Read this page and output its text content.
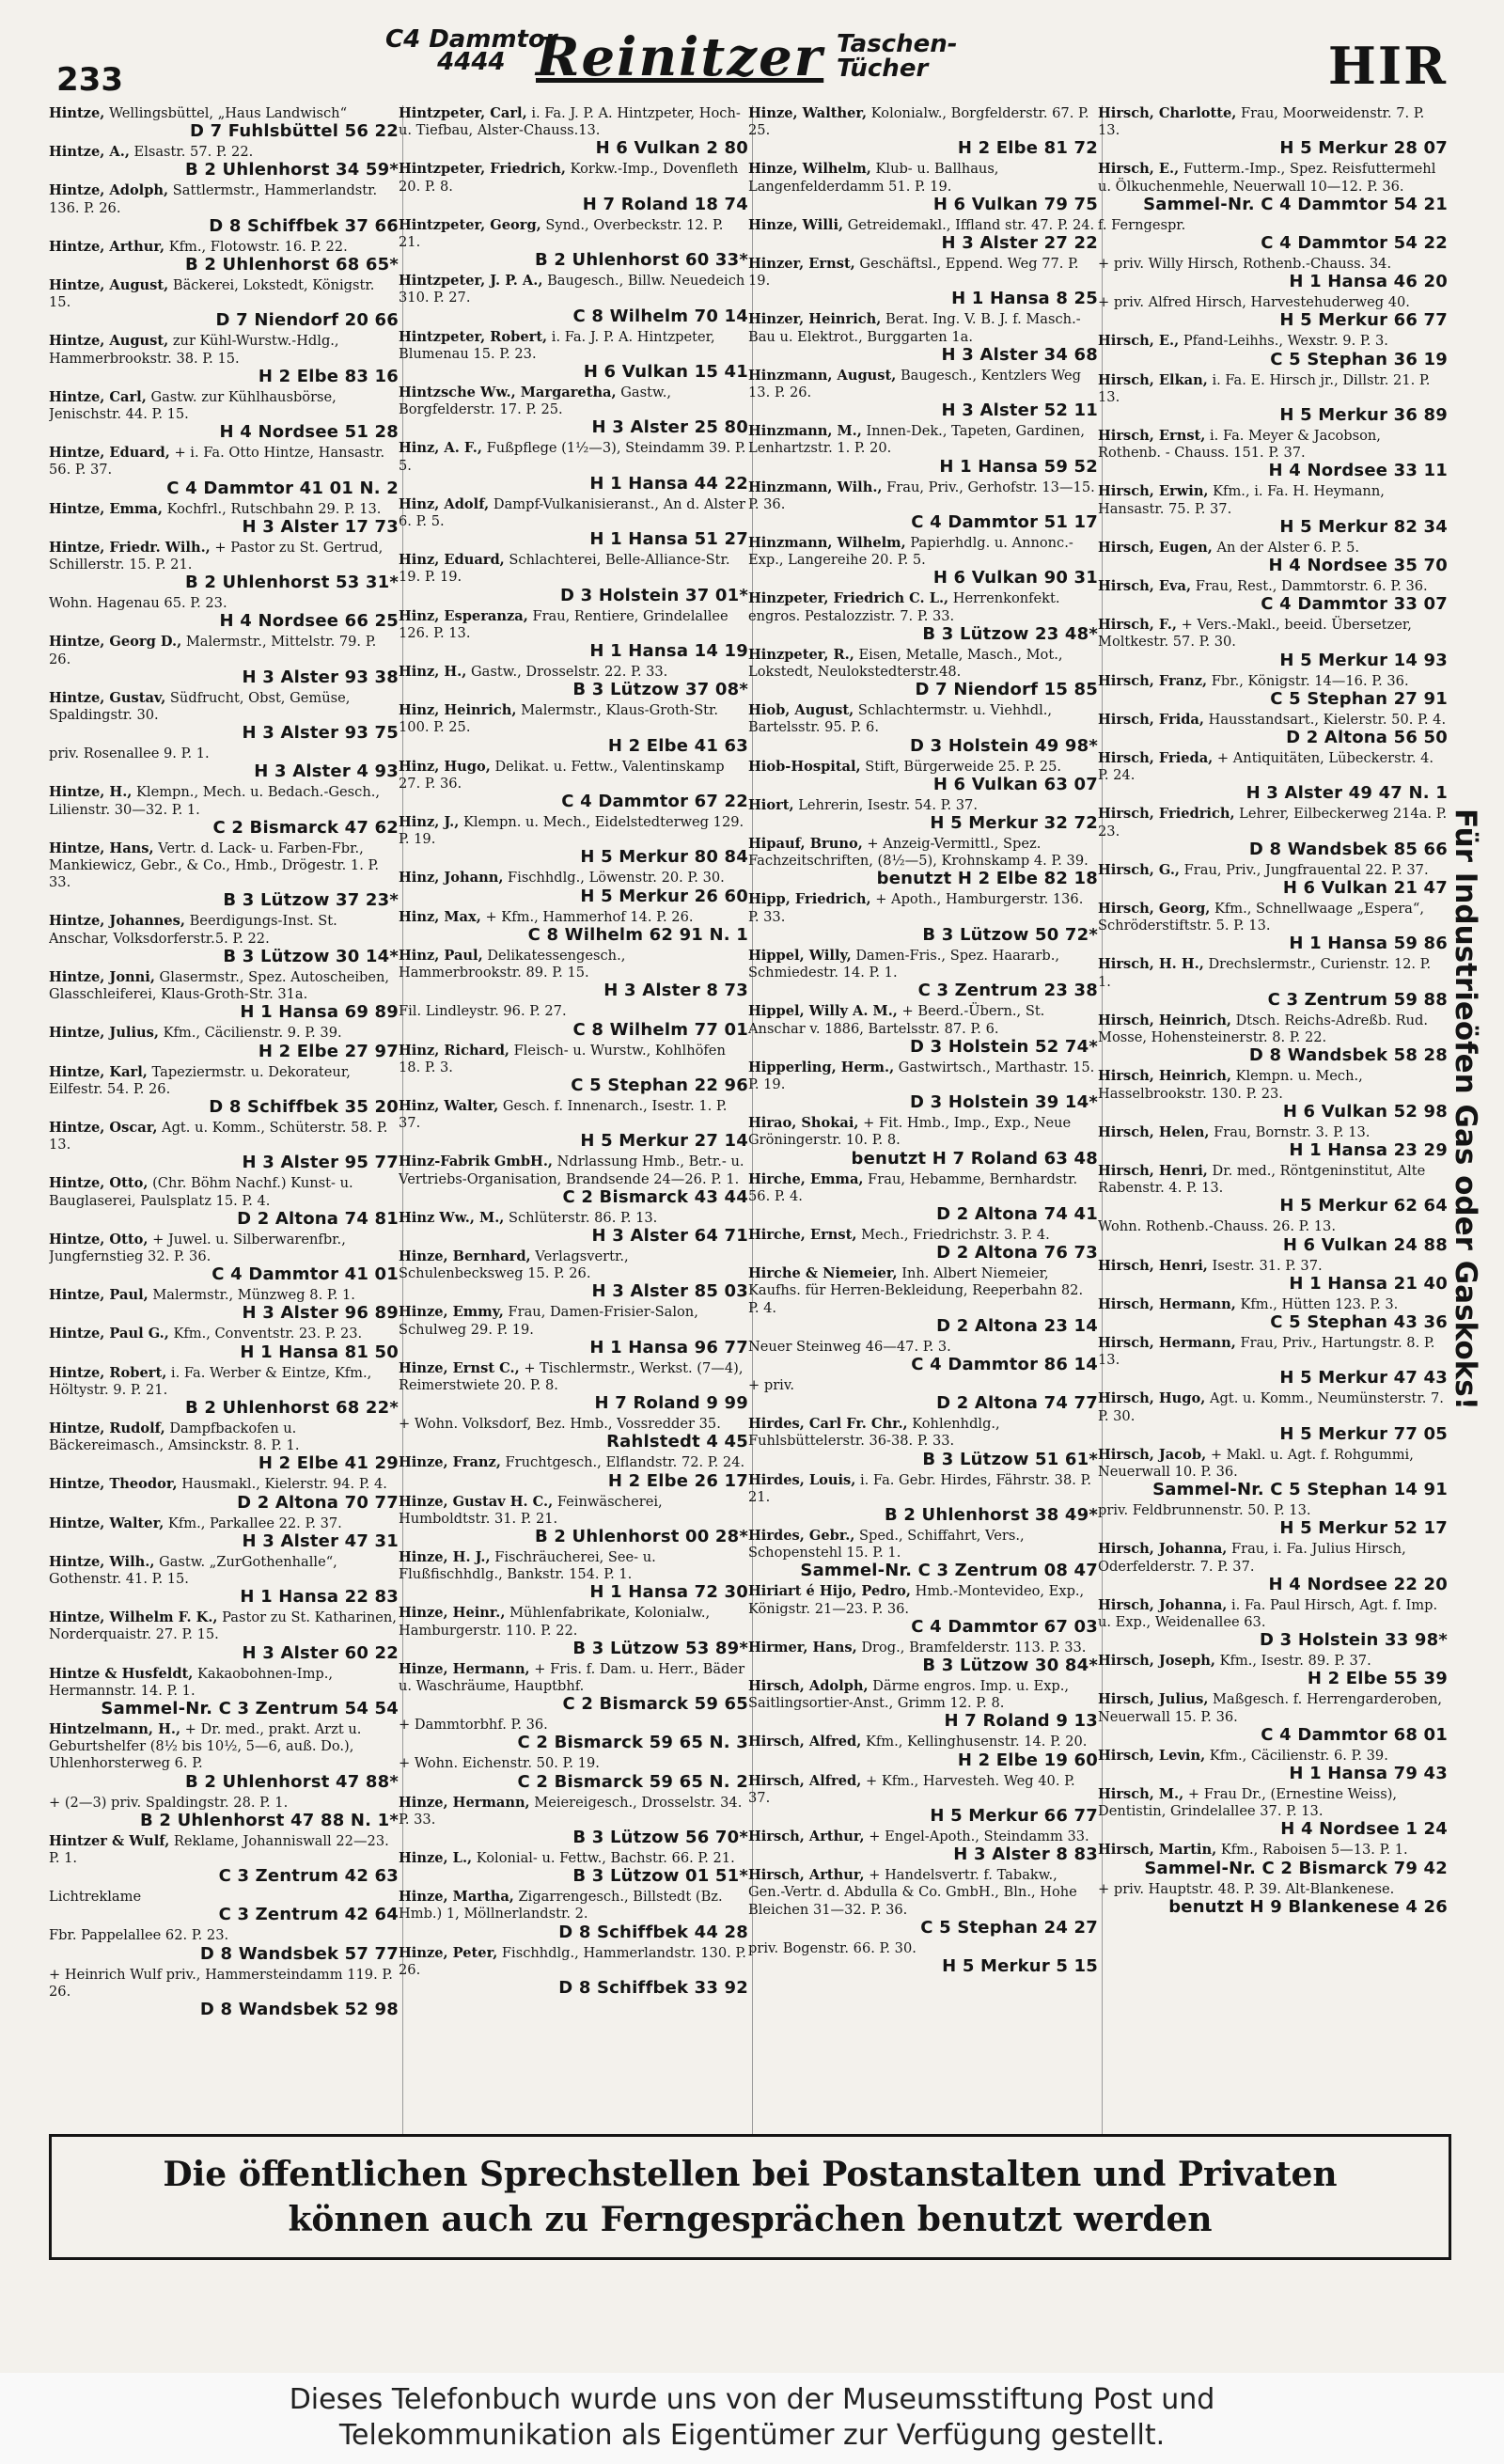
233
C4 Dammtor
4444 Reinitzer Taschen-
Tücher	HIR
Hintze, Wellingsbüttel, „Haus Landwisch“
D 7 Fuhlsbüttel 56 22
Hintze, A., Elsastr. 57. P. 22.
B 2 Uhlenhorst 34 59*
Hintze, Adolph, Sattlermstr., Hammerlandstr. 136. P. 26.
D 8 Schiffbek 37 66
Hintze, Arthur, Kfm., Flotowstr. 16. P. 22.
B 2 Uhlenhorst 68 65*
Hintze, August, Bäckerei, Lokstedt, Königstr. 15.
D 7 Niendorf 20 66
Hintze, August, zur Kühl-Wurstw.-Hdlg., Hammerbrookstr. 38. P. 15.
H 2 Elbe 83 16
Hintze, Carl, Gastw. zur Kühlhausbörse, Jenischstr. 44. P. 15.
H 4 Nordsee 51 28
Hintze, Eduard, + i. Fa. Otto Hintze, Hansastr. 56. P. 37.
C 4 Dammtor 41 01 N. 2
Hintze, Emma, Kochfrl., Rutschbahn 29. P. 13.
H 3 Alster 17 73
Hintze, Friedr. Wilh., + Pastor zu St. Gertrud, Schillerstr. 15. P. 21.
B 2 Uhlenhorst 53 31*
Wohn. Hagenau 65. P. 23.
H 4 Nordsee 66 25
Hintze, Georg D., Malermstr., Mittelstr. 79. P. 26.
H 3 Alster 93 38
Hintze, Gustav, Südfrucht, Obst, Gemüse, Spaldingstr. 30.
H 3 Alster 93 75
priv. Rosenallee 9. P. 1.
H 3 Alster 4 93
Hintze, H., Klempn., Mech. u. Bedach.-Gesch., Lilienstr. 30—32. P. 1.
C 2 Bismarck 47 62
Hintze, Hans, Vertr. d. Lack- u. Farben-Fbr., Mankiewicz, Gebr., & Co., Hmb., Drögestr. 1. P. 33.
B 3 Lützow 37 23*
Hintze, Johannes, Beerdigungs-Inst. St. Anschar, Volksdorferstr.5. P. 22.
B 3 Lützow 30 14*
Hintze, Jonni, Glasermstr., Spez. Autoscheiben, Glasschleiferei, Klaus-Groth-Str. 31a.
H 1 Hansa 69 89
Hintze, Julius, Kfm., Cäcilienstr. 9. P. 39.
H 2 Elbe 27 97
Hintze, Karl, Tapeziermstr. u. Dekorateur, Eilfestr. 54. P. 26.
D 8 Schiffbek 35 20
Hintze, Oscar, Agt. u. Komm., Schüterstr. 58. P. 13.
H 3 Alster 95 77
Hintze, Otto, (Chr. Böhm Nachf.) Kunst- u. Bauglaserei, Paulsplatz 15. P. 4.
D 2 Altona 74 81
Hintze, Otto, + Juwel. u. Silberwarenfbr., Jungfernstieg 32. P. 36.
C 4 Dammtor 41 01
Hintze, Paul, Malermstr., Münzweg 8. P. 1.
H 3 Alster 96 89
Hintze, Paul G., Kfm., Conventstr. 23. P. 23.
H 1 Hansa 81 50
Hintze, Robert, i. Fa. Werber & Eintze, Kfm., Höltystr. 9. P. 21.
B 2 Uhlenhorst 68 22*
Hintze, Rudolf, Dampfbackofen u. Bäckereimasch., Amsinckstr. 8. P. 1.
H 2 Elbe 41 29
Hintze, Theodor, Hausmakl., Kielerstr. 94. P. 4.
D 2 Altona 70 77
Hintze, Walter, Kfm., Parkallee 22. P. 37.
H 3 Alster 47 31
Hintze, Wilh., Gastw. „ZurGothenhalle“, Gothenstr. 41. P. 15.
H 1 Hansa 22 83
Hintze, Wilhelm F. K., Pastor zu St. Katharinen, Norderquaistr. 27. P. 15.
H 3 Alster 60 22
Hintze & Husfeldt, Kakaobohnen-Imp., Hermannstr. 14. P. 1.
Sammel-Nr. C 3 Zentrum 54 54
Hintzelmann, H., + Dr. med., prakt. Arzt u. Geburtshelfer (8½ bis 10½, 5—6, auß. Do.), Uhlenhorsterweg 6. P.
B 2 Uhlenhorst 47 88*
+ (2—3) priv. Spaldingstr. 28. P. 1.
B 2 Uhlenhorst 47 88 N. 1*
Hintzer & Wulf, Reklame, Johanniswall 22—23. P. 1.
C 3 Zentrum 42 63
Lichtreklame
C 3 Zentrum 42 64
Fbr. Pappelallee 62. P. 23.
D 8 Wandsbek 57 77
+ Heinrich Wulf priv., Hammersteindamm 119. P. 26.
D 8 Wandsbek 52 98
Hintzpeter, Carl, i. Fa. J. P. A. Hintzpeter, Hoch- u. Tiefbau, Alster-Chauss.13.
H 6 Vulkan 2 80
Hintzpeter, Friedrich, Korkw.-Imp., Dovenfleth 20. P. 8.
H 7 Roland 18 74
Hintzpeter, Georg, Synd., Overbeckstr. 12. P. 21.
B 2 Uhlenhorst 60 33*
Hintzpeter, J. P. A., Baugesch., Billw. Neuedeich 310. P. 27.
C 8 Wilhelm 70 14
Hintzpeter, Robert, i. Fa. J. P. A. Hintzpeter, Blumenau 15. P. 23.
H 6 Vulkan 15 41
Hintzsche Ww., Margaretha, Gastw., Borgfelderstr. 17. P. 25.
H 3 Alster 25 80
Hinz, A. F., Fußpflege (1½—3), Steindamm 39. P. 5.
H 1 Hansa 44 22
Hinz, Adolf, Dampf-Vulkanisieranst., An d. Alster 6. P. 5.
H 1 Hansa 51 27
Hinz, Eduard, Schlachterei, Belle-Alliance-Str. 19. P. 19.
D 3 Holstein 37 01*
Hinz, Esperanza, Frau, Rentiere, Grindelallee 126. P. 13.
H 1 Hansa 14 19
Hinz, H., Gastw., Drosselstr. 22. P. 33.
B 3 Lützow 37 08*
Hinz, Heinrich, Malermstr., Klaus-Groth-Str. 100. P. 25.
H 2 Elbe 41 63
Hinz, Hugo, Delikat. u. Fettw., Valentinskamp 27. P. 36.
C 4 Dammtor 67 22
Hinz, J., Klempn. u. Mech., Eidelstedterweg 129. P. 19.
H 5 Merkur 80 84
Hinz, Johann, Fischhdlg., Löwenstr. 20. P. 30.
H 5 Merkur 26 60
Hinz, Max, + Kfm., Hammerhof 14. P. 26.
C 8 Wilhelm 62 91 N. 1
Hinz, Paul, Delikatessengesch., Hammerbrookstr. 89. P. 15.
H 3 Alster 8 73
Fil. Lindleystr. 96. P. 27.
C 8 Wilhelm 77 01
Hinz, Richard, Fleisch- u. Wurstw., Kohlhöfen 18. P. 3.
C 5 Stephan 22 96
Hinz, Walter, Gesch. f. Innenarch., Isestr. 1. P. 37.
H 5 Merkur 27 14
Hinz-Fabrik GmbH., Ndrlassung Hmb., Betr.- u. Vertriebs-Organisation, Brandsende 24—26. P. 1.
C 2 Bismarck 43 44
Hinz Ww., M., Schlüterstr. 86. P. 13.
H 3 Alster 64 71
Hinze, Bernhard, Verlagsvertr., Schulenbecksweg 15. P. 26.
H 3 Alster 85 03
Hinze, Emmy, Frau, Damen-Frisier-Salon, Schulweg 29. P. 19.
H 1 Hansa 96 77
Hinze, Ernst C., + Tischlermstr., Werkst. (7—4), Reimerstwiete 20. P. 8.
H 7 Roland 9 99
+ Wohn. Volksdorf, Bez. Hmb., Vossredder 35.
Rahlstedt 4 45
Hinze, Franz, Fruchtgesch., Elflandstr. 72. P. 24.
H 2 Elbe 26 17
Hinze, Gustav H. C., Feinwäscherei, Humboldtstr. 31. P. 21.
B 2 Uhlenhorst 00 28*
Hinze, H. J., Fischräucherei, See- u. Flußfischhdlg., Bankstr. 154. P. 1.
H 1 Hansa 72 30
Hinze, Heinr., Mühlenfabrikate, Kolonialw., Hamburgerstr. 110. P. 22.
B 3 Lützow 53 89*
Hinze, Hermann, + Fris. f. Dam. u. Herr., Bäder u. Waschräume, Hauptbhf.
C 2 Bismarck 59 65
+ Dammtorbhf. P. 36.
C 2 Bismarck 59 65 N. 3
+ Wohn. Eichenstr. 50. P. 19.
C 2 Bismarck 59 65 N. 2
Hinze, Hermann, Meiereigesch., Drosselstr. 34. P. 33.
B 3 Lützow 56 70*
Hinze, L., Kolonial- u. Fettw., Bachstr. 66. P. 21.
B 3 Lützow 01 51*
Hinze, Martha, Zigarrengesch., Billstedt (Bz. Hmb.) 1, Möllnerlandstr. 2.
D 8 Schiffbek 44 28
Hinze, Peter, Fischhdlg., Hammerlandstr. 130. P. 26.
D 8 Schiffbek 33 92
Hinze, Walther, Kolonialw., Borgfelderstr. 67. P. 25.
H 2 Elbe 81 72
Hinze, Wilhelm, Klub- u. Ballhaus, Langenfelderdamm 51. P. 19.
H 6 Vulkan 79 75
Hinze, Willi, Getreidemakl., Iffland str. 47. P. 24.
H 3 Alster 27 22
Hinzer, Ernst, Geschäftsl., Eppend. Weg 77. P. 19.
H 1 Hansa 8 25
Hinzer, Heinrich, Berat. Ing. V. B. J. f. Masch.-Bau u. Elektrot., Burggarten 1a.
H 3 Alster 34 68
Hinzmann, August, Baugesch., Kentzlers Weg 13. P. 26.
H 3 Alster 52 11
Hinzmann, M., Innen-Dek., Tapeten, Gardinen, Lenhartzstr. 1. P. 20.
H 1 Hansa 59 52
Hinzmann, Wilh., Frau, Priv., Gerhofstr. 13—15. P. 36.
C 4 Dammtor 51 17
Hinzmann, Wilhelm, Papierhdlg. u. Annonc.-Exp., Langereihe 20. P. 5.
H 6 Vulkan 90 31
Hinzpeter, Friedrich C. L., Herrenkonfekt. engros. Pestalozzistr. 7. P. 33.
B 3 Lützow 23 48*
Hinzpeter, R., Eisen, Metalle, Masch., Mot., Lokstedt, Neulokstedterstr.48.
D 7 Niendorf 15 85
Hiob, August, Schlachtermstr. u. Viehhdl., Bartelsstr. 95. P. 6.
D 3 Holstein 49 98*
Hiob-Hospital, Stift, Bürgerweide 25. P. 25.
H 6 Vulkan 63 07
Hiort, Lehrerin, Isestr. 54. P. 37.
H 5 Merkur 32 72
Hipauf, Bruno, + Anzeig-Vermittl., Spez. Fachzeitschriften, (8½—5), Krohnskamp 4. P. 39.
benutzt H 2 Elbe 82 18
Hipp, Friedrich, + Apoth., Hamburgerstr. 136. P. 33.
B 3 Lützow 50 72*
Hippel, Willy, Damen-Fris., Spez. Haararb., Schmiedestr. 14. P. 1.
C 3 Zentrum 23 38
Hippel, Willy A. M., + Beerd.-Übern., St. Anschar v. 1886, Bartelsstr. 87. P. 6.
D 3 Holstein 52 74*
Hipperling, Herm., Gastwirtsch., Marthastr. 15. P. 19.
D 3 Holstein 39 14*
Hirao, Shokai, + Fit. Hmb., Imp., Exp., Neue Gröningerstr. 10. P. 8.
benutzt H 7 Roland 63 48
Hirche, Emma, Frau, Hebamme, Bernhardstr. 56. P. 4.
D 2 Altona 74 41
Hirche, Ernst, Mech., Friedrichstr. 3. P. 4.
D 2 Altona 76 73
Hirche & Niemeier, Inh. Albert Niemeier, Kaufhs. für Herren-Bekleidung, Reeperbahn 82. P. 4.
D 2 Altona 23 14
Neuer Steinweg 46—47. P. 3.
C 4 Dammtor 86 14
+ priv.
D 2 Altona 74 77
Hirdes, Carl Fr. Chr., Kohlenhdlg., Fuhlsbüttelerstr. 36-38. P. 33.
B 3 Lützow 51 61*
Hirdes, Louis, i. Fa. Gebr. Hirdes, Fährstr. 38. P. 21.
B 2 Uhlenhorst 38 49*
Hirdes, Gebr., Sped., Schiffahrt, Vers., Schopenstehl 15. P. 1.
Sammel-Nr. C 3 Zentrum 08 47
Hiriart é Hijo, Pedro, Hmb.-Montevideo, Exp., Königstr. 21—23. P. 36.
C 4 Dammtor 67 03
Hirmer, Hans, Drog., Bramfelderstr. 113. P. 33.
B 3 Lützow 30 84*
Hirsch, Adolph, Därme engros. Imp. u. Exp., Saitlingsortier-Anst., Grimm 12. P. 8.
H 7 Roland 9 13
Hirsch, Alfred, Kfm., Kellinghusenstr. 14. P. 20.
H 2 Elbe 19 60
Hirsch, Alfred, + Kfm., Harvesteh. Weg 40. P. 37.
H 5 Merkur 66 77
Hirsch, Arthur, + Engel-Apoth., Steindamm 33.
H 3 Alster 8 83
Hirsch, Arthur, + Handelsvertr. f. Tabakw., Gen.-Vertr. d. Abdulla & Co. GmbH., Bln., Hohe Bleichen 31—32. P. 36.
C 5 Stephan 24 27
priv. Bogenstr. 66. P. 30.
H 5 Merkur 5 15
Hirsch, Charlotte, Frau, Moorweidenstr. 7. P. 13.
H 5 Merkur 28 07
Hirsch, E., Futterm.-Imp., Spez. Reisfuttermehl u. Ölkuchenmehle, Neuerwall 10—12. P. 36.
Sammel-Nr. C 4 Dammtor 54 21
f. Ferngespr.
C 4 Dammtor 54 22
+ priv. Willy Hirsch, Rothenb.-Chauss. 34.
H 1 Hansa 46 20
+ priv. Alfred Hirsch, Harvestehuderweg 40.
H 5 Merkur 66 77
Hirsch, E., Pfand-Leihhs., Wexstr. 9. P. 3.
C 5 Stephan 36 19
Hirsch, Elkan, i. Fa. E. Hirsch jr., Dillstr. 21. P. 13.
H 5 Merkur 36 89
Hirsch, Ernst, i. Fa. Meyer & Jacobson, Rothenb. - Chauss. 151. P. 37.
H 4 Nordsee 33 11
Hirsch, Erwin, Kfm., i. Fa. H. Heymann, Hansastr. 75. P. 37.
H 5 Merkur 82 34
Hirsch, Eugen, An der Alster 6. P. 5.
H 4 Nordsee 35 70
Hirsch, Eva, Frau, Rest., Dammtorstr. 6. P. 36.
C 4 Dammtor 33 07
Hirsch, F., + Vers.-Makl., beeid. Übersetzer, Moltkestr. 57. P. 30.
H 5 Merkur 14 93
Hirsch, Franz, Fbr., Königstr. 14—16. P. 36.
C 5 Stephan 27 91
Hirsch, Frida, Hausstandsart., Kielerstr. 50. P. 4.
D 2 Altona 56 50
Hirsch, Frieda, + Antiquitäten, Lübeckerstr. 4. P. 24.
H 3 Alster 49 47 N. 1
Hirsch, Friedrich, Lehrer, Eilbeckerweg 214a. P. 23.
D 8 Wandsbek 85 66
Hirsch, G., Frau, Priv., Jungfrauental 22. P. 37.
H 6 Vulkan 21 47
Hirsch, Georg, Kfm., Schnellwaage „Espera“, Schröderstiftstr. 5. P. 13.
H 1 Hansa 59 86
Hirsch, H. H., Drechslermstr., Curienstr. 12. P. 1.
C 3 Zentrum 59 88
Hirsch, Heinrich, Dtsch. Reichs-Adreßb. Rud. Mosse, Hohensteinerstr. 8. P. 22.
D 8 Wandsbek 58 28
Hirsch, Heinrich, Klempn. u. Mech., Hasselbrookstr. 130. P. 23.
H 6 Vulkan 52 98
Hirsch, Helen, Frau, Bornstr. 3. P. 13.
H 1 Hansa 23 29
Hirsch, Henri, Dr. med., Röntgeninstitut, Alte Rabenstr. 4. P. 13.
H 5 Merkur 62 64
Wohn. Rothenb.-Chauss. 26. P. 13.
H 6 Vulkan 24 88
Hirsch, Henri, Isestr. 31. P. 37.
H 1 Hansa 21 40
Hirsch, Hermann, Kfm., Hütten 123. P. 3.
C 5 Stephan 43 36
Hirsch, Hermann, Frau, Priv., Hartungstr. 8. P. 13.
H 5 Merkur 47 43
Hirsch, Hugo, Agt. u. Komm., Neumünsterstr. 7. P. 30.
H 5 Merkur 77 05
Hirsch, Jacob, + Makl. u. Agt. f. Rohgummi, Neuerwall 10. P. 36.
Sammel-Nr. C 5 Stephan 14 91
priv. Feldbrunnenstr. 50. P. 13.
H 5 Merkur 52 17
Hirsch, Johanna, Frau, i. Fa. Julius Hirsch, Oderfelderstr. 7. P. 37.
H 4 Nordsee 22 20
Hirsch, Johanna, i. Fa. Paul Hirsch, Agt. f. Imp. u. Exp., Weidenallee 63.
D 3 Holstein 33 98*
Hirsch, Joseph, Kfm., Isestr. 89. P. 37.
H 2 Elbe 55 39
Hirsch, Julius, Maßgesch. f. Herrengarderoben, Neuerwall 15. P. 36.
C 4 Dammtor 68 01
Hirsch, Levin, Kfm., Cäcilienstr. 6. P. 39.
H 1 Hansa 79 43
Hirsch, M., + Frau Dr., (Ernestine Weiss), Dentistin, Grindelallee 37. P. 13.
H 4 Nordsee 1 24
Hirsch, Martin, Kfm., Raboisen 5—13. P. 1.
Sammel-Nr. C 2 Bismarck 79 42
+ priv. Hauptstr. 48. P. 39. Alt-Blankenese.
benutzt H 9 Blankenese 4 26
Für Industrieöfen Gas oder Gaskoks!
Die öffentlichen Sprechstellen bei Postanstalten und Privaten
können auch zu Ferngesprächen benutzt werden
Dieses Telefonbuch wurde uns von der Museumsstiftung Post und
Telekommunikation als Eigentümer zur Verfügung gestellt.
